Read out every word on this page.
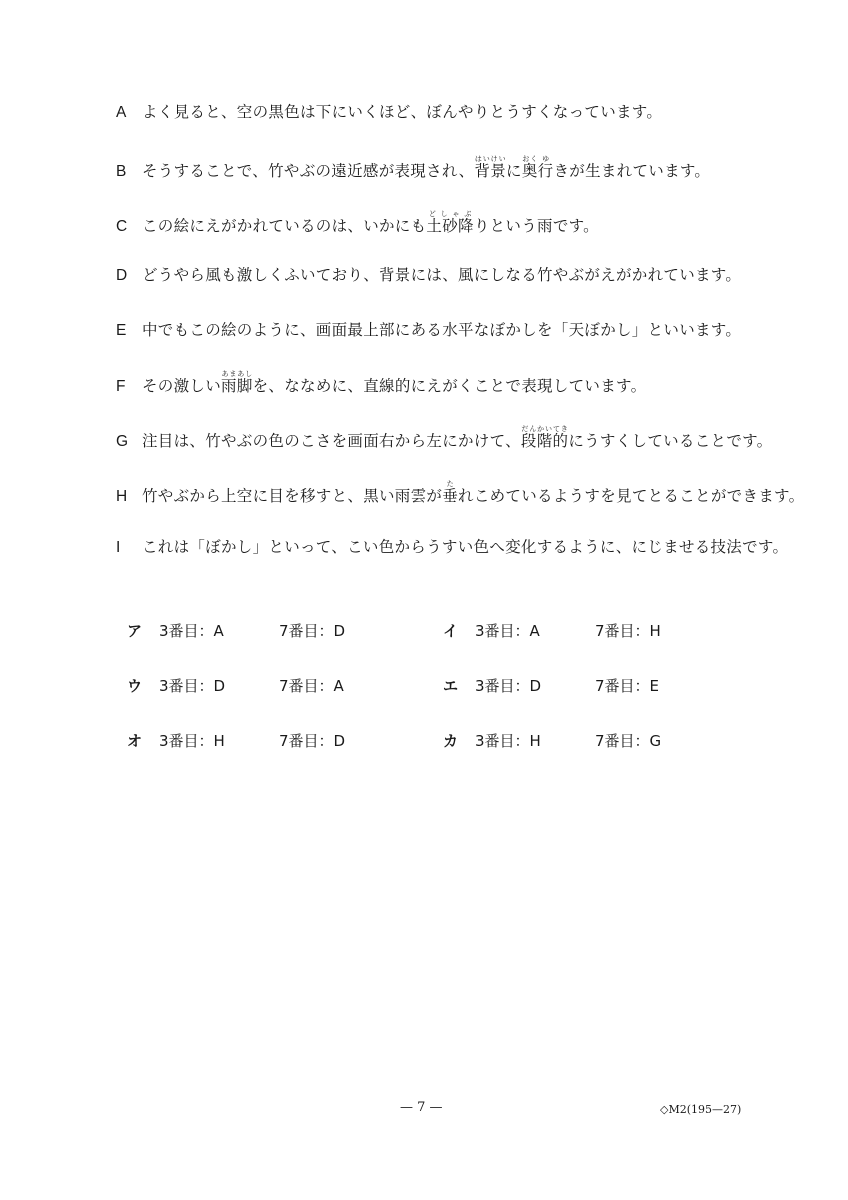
A よく見ると、空の黒色は下にいくほど、ぼんやりとうすくなっています。
B そうすることで、竹やぶの遠近感が表現され、背景はいけいに奥おく行ゆきが生まれています。
C この絵にえがかれているのは、いかにも土砂降どしゃぶりという雨です。
D どうやら風も激しくふいており、背景には、風にしなる竹やぶがえがかれています。
E 中でもこの絵のように、画面最上部にある水平なぼかしを「天ぼかし」といいます。
F その激しい雨脚あまあしを、ななめに、直線的にえがくことで表現しています。
G 注目は、竹やぶの色のこさを画面右から左にかけて、段階的だんかいてきにうすくしていることです。
H 竹やぶから上空に目を移すと、黒い雨雲が垂たれこめているようすを見てとることができます。
I これは「ぼかし」といって、こい色からうすい色へ変化するように、にじませる技法です。
ア 3番目：A	7番目：D	イ 3番目：A	7番目：H
ウ 3番目：D	7番目：A	エ 3番目：D	7番目：E
オ 3番目：H	7番目：D	カ 3番目：H	7番目：G
— 7 —	◇M2(195—27)
